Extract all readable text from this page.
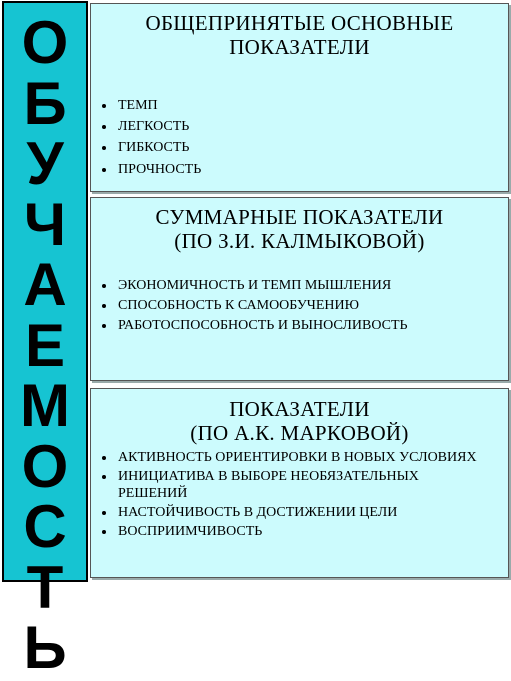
О
Б
У
Ч
А
Е
М
О
С
Т
Ь
ОБЩЕПРИНЯТЫЕ ОСНОВНЫЕ
ПОКАЗАТЕЛИ
ТЕМП
ЛЕГКОСТЬ
ГИБКОСТЬ
ПРОЧНОСТЬ
СУММАРНЫЕ ПОКАЗАТЕЛИ
(ПО З.И. КАЛМЫКОВОЙ)
ЭКОНОМИЧНОСТЬ И ТЕМП МЫШЛЕНИЯ
СПОСОБНОСТЬ К САМООБУЧЕНИЮ
РАБОТОСПОСОБНОСТЬ И ВЫНОСЛИВОСТЬ
ПОКАЗАТЕЛИ
(ПО А.К. МАРКОВОЙ)
АКТИВНОСТЬ ОРИЕНТИРОВКИ В НОВЫХ УСЛОВИЯХ
ИНИЦИАТИВА В ВЫБОРЕ НЕОБЯЗАТЕЛЬНЫХ РЕШЕНИЙ
НАСТОЙЧИВОСТЬ В ДОСТИЖЕНИИ ЦЕЛИ
ВОСПРИИМЧИВОСТЬ
